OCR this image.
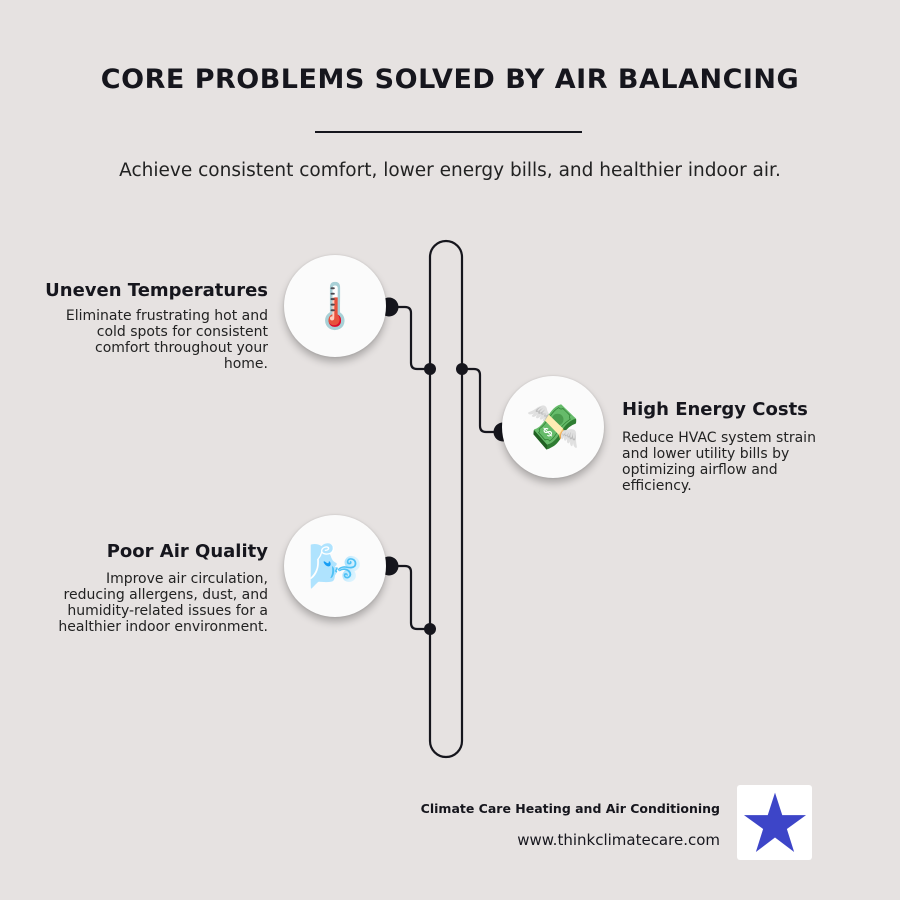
CORE PROBLEMS SOLVED BY AIR BALANCING
Achieve consistent comfort, lower energy bills, and healthier indoor air.
🌡️
Uneven Temperatures

Eliminate frustrating hot and cold spots for consistent comfort throughout your home.

💸 High Energy Costs

Reduce HVAC system strain and lower utility bills by optimizing airflow and efficiency.

🌬️
Poor Air Quality

Improve air circulation, reducing allergens, dust, and humidity-related issues for a healthier indoor environment.

Climate Care Heating and Air Conditioning
www.thinkclimatecare.com
